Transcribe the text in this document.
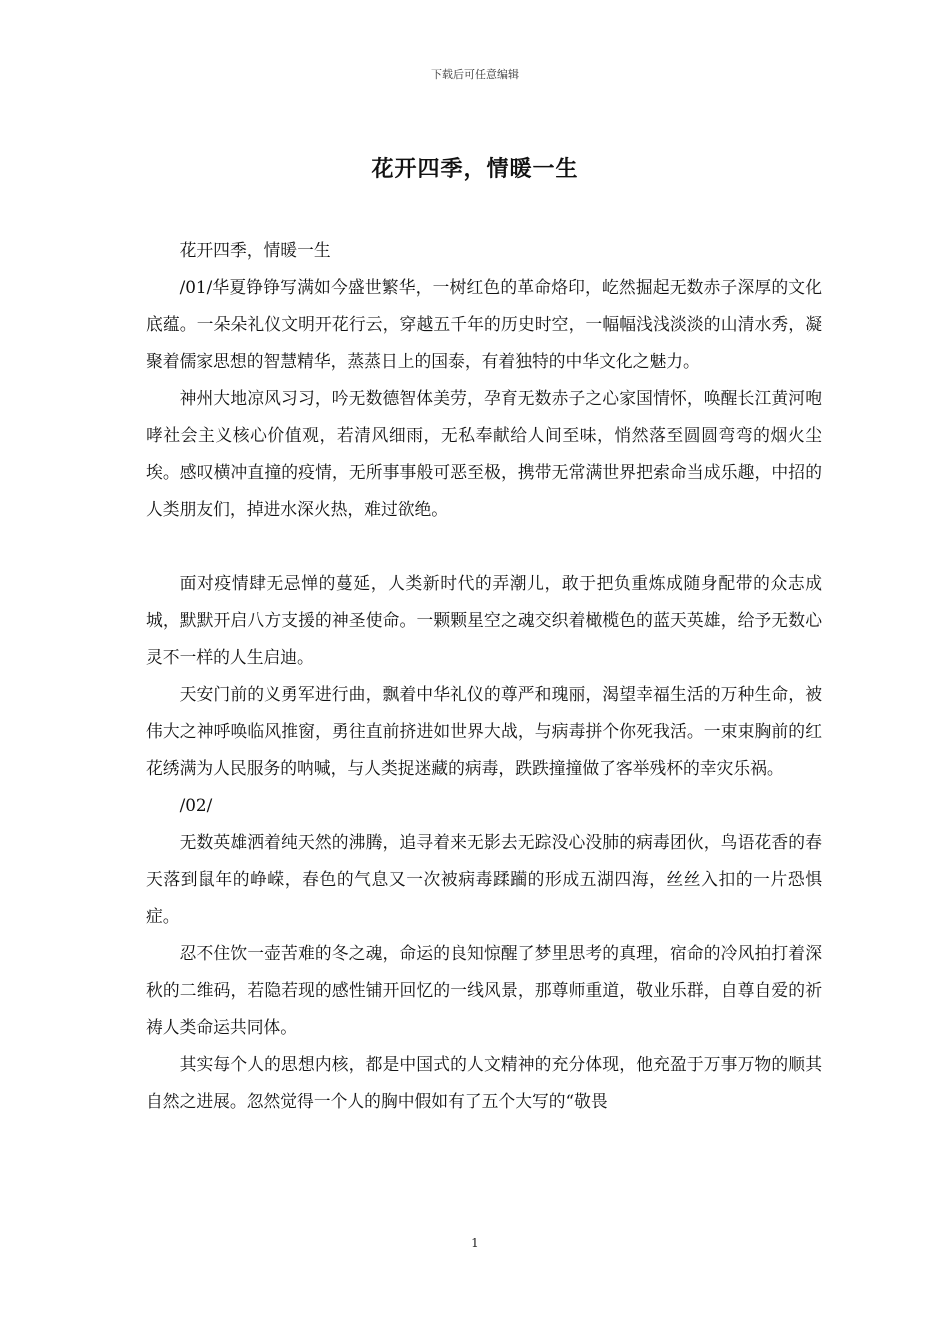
下载后可任意编辑
花开四季，情暖一生

花开四季，情暖一生

/01/华夏铮铮写满如今盛世繁华，一树红色的革命烙印，屹然掘起无数赤子深厚的文化底蕴。一朵朵礼仪文明开花行云，穿越五千年的历史时空，一幅幅浅浅淡淡的山清水秀，凝聚着儒家思想的智慧精华，蒸蒸日上的国泰，有着独特的中华文化之魅力。

神州大地凉风习习，吟无数德智体美劳，孕育无数赤子之心家国情怀，唤醒长江黄河咆哮社会主义核心价值观，若清风细雨，无私奉献给人间至味，悄然落至圆圆弯弯的烟火尘埃。感叹横冲直撞的疫情，无所事事般可恶至极，携带无常满世界把索命当成乐趣，中招的人类朋友们，掉进水深火热，难过欲绝。

面对疫情肆无忌惮的蔓延，人类新时代的弄潮儿，敢于把负重炼成随身配带的众志成城，默默开启八方支援的神圣使命。一颗颗星空之魂交织着橄榄色的蓝天英雄，给予无数心灵不一样的人生启迪。

天安门前的义勇军进行曲，飘着中华礼仪的尊严和瑰丽，渴望幸福生活的万种生命，被伟大之神呼唤临风推窗，勇往直前挤进如世界大战，与病毒拼个你死我活。一束束胸前的红花绣满为人民服务的呐喊，与人类捉迷藏的病毒，跌跌撞撞做了客举残杯的幸灾乐祸。

/02/

无数英雄洒着纯天然的沸腾，追寻着来无影去无踪没心没肺的病毒团伙，鸟语花香的春天落到鼠年的峥嵘，春色的气息又一次被病毒蹂躏的形成五湖四海，丝丝入扣的一片恐惧症。

忍不住饮一壶苦难的冬之魂，命运的良知惊醒了梦里思考的真理，宿命的冷风拍打着深秋的二维码，若隐若现的感性铺开回忆的一线风景，那尊师重道，敬业乐群，自尊自爱的祈祷人类命运共同体。

其实每个人的思想内核，都是中国式的人文精神的充分体现，他充盈于万事万物的顺其自然之进展。忽然觉得一个人的胸中假如有了五个大写的“敬畏

1
